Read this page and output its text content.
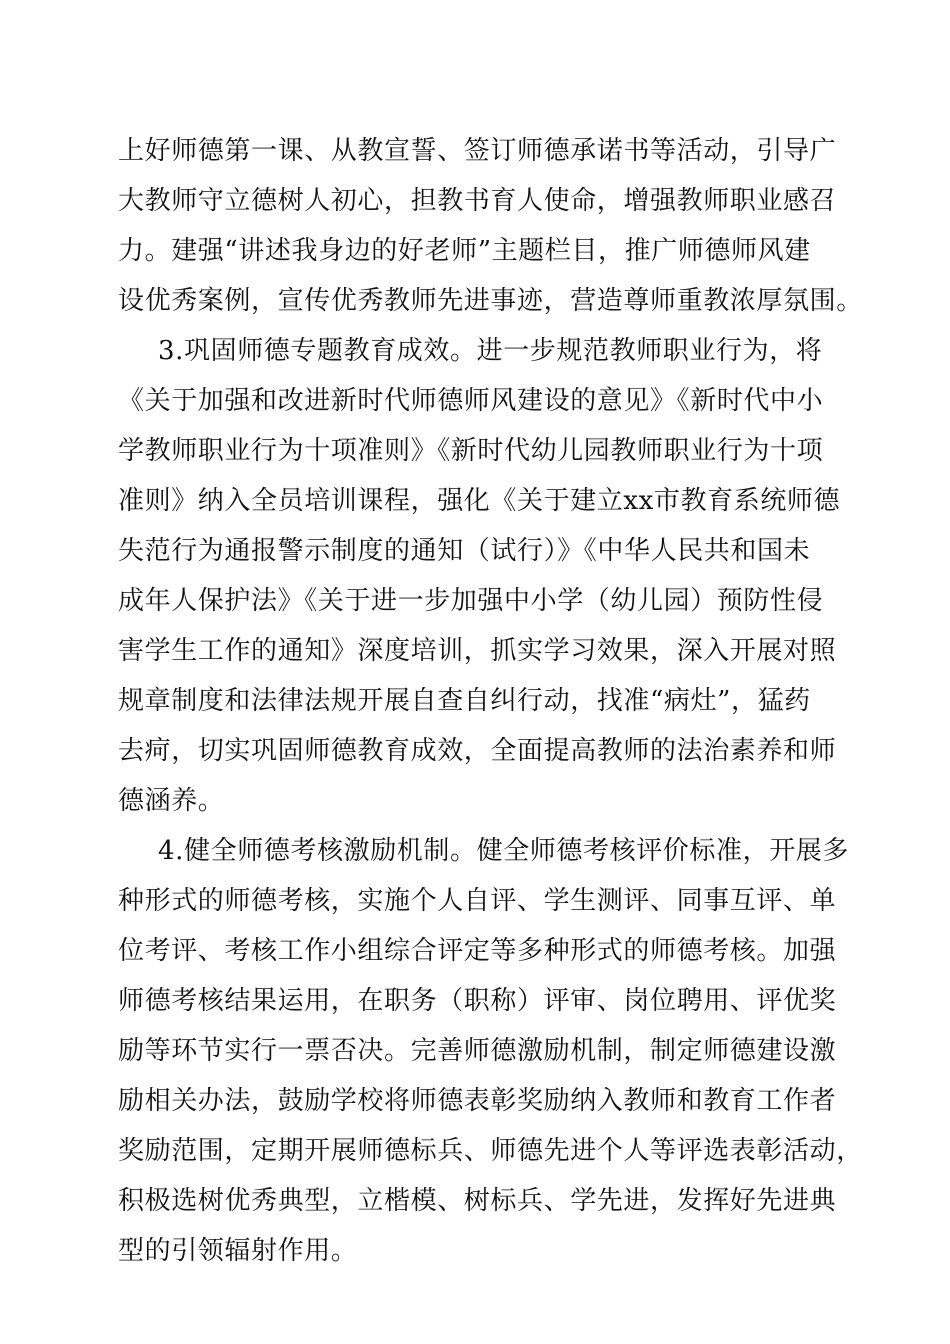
上好师德第一课、从教宣誓、签订师德承诺书等活动，引导广
大教师守立德树人初心，担教书育人使命，增强教师职业感召
力。建强“讲述我身边的好老师”主题栏目，推广师德师风建
设优秀案例，宣传优秀教师先进事迹，营造尊师重教浓厚氛围。
3.巩固师德专题教育成效。进一步规范教师职业行为，将
《关于加强和改进新时代师德师风建设的意见》《新时代中小
学教师职业行为十项准则》《新时代幼儿园教师职业行为十项
准则》纳入全员培训课程，强化《关于建立xx市教育系统师德
失范行为通报警示制度的通知（试行）》《中华人民共和国未
成年人保护法》《关于进一步加强中小学（幼儿园）预防性侵
害学生工作的通知》深度培训，抓实学习效果，深入开展对照
规章制度和法律法规开展自查自纠行动，找准“病灶”，猛药
去疴，切实巩固师德教育成效，全面提高教师的法治素养和师
德涵养。
4.健全师德考核激励机制。健全师德考核评价标准，开展多
种形式的师德考核，实施个人自评、学生测评、同事互评、单
位考评、考核工作小组综合评定等多种形式的师德考核。加强
师德考核结果运用，在职务（职称）评审、岗位聘用、评优奖
励等环节实行一票否决。完善师德激励机制，制定师德建设激
励相关办法，鼓励学校将师德表彰奖励纳入教师和教育工作者
奖励范围，定期开展师德标兵、师德先进个人等评选表彰活动，
积极选树优秀典型，立楷模、树标兵、学先进，发挥好先进典
型的引领辐射作用。
